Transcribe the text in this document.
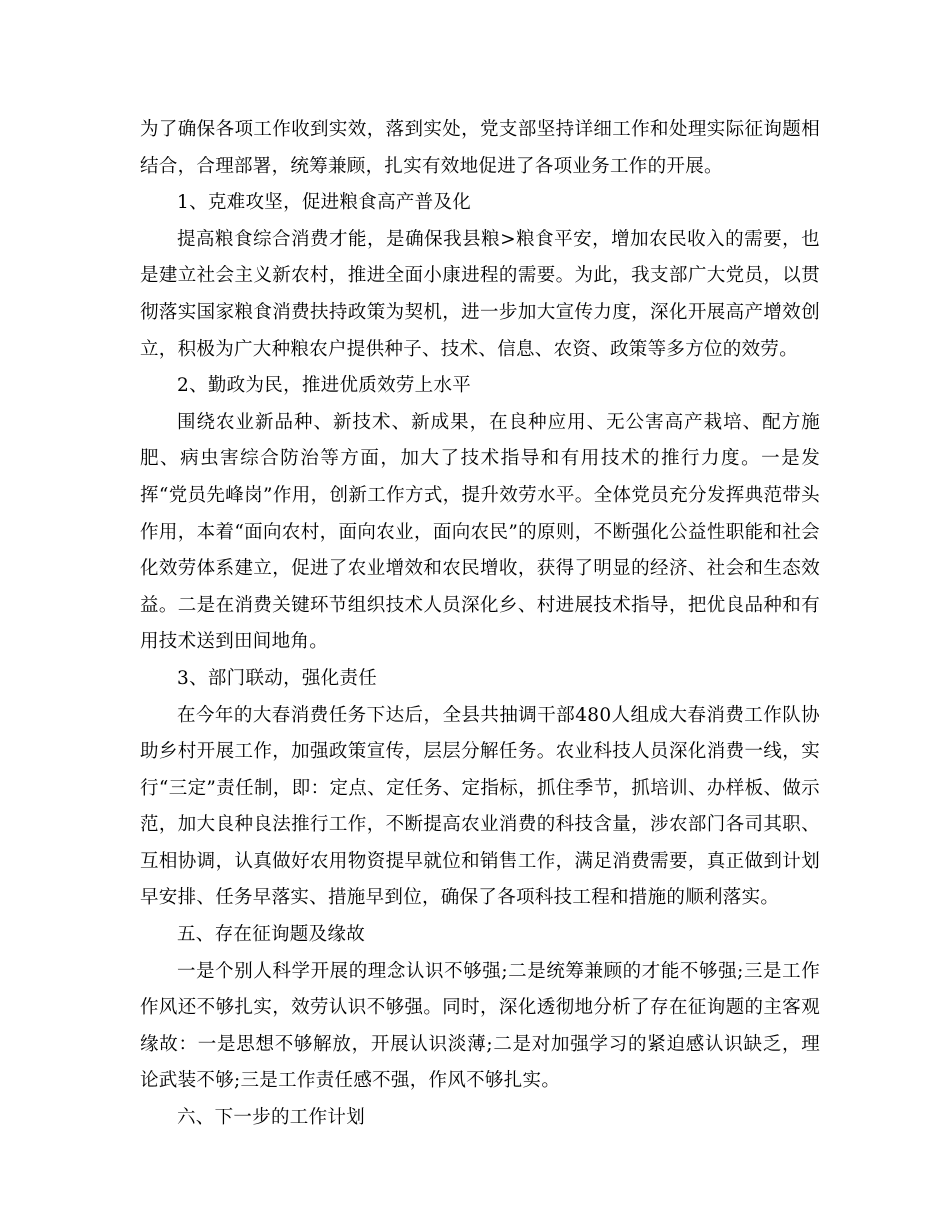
为了确保各项工作收到实效，落到实处，党支部坚持详细工作和处理实际征询题相结合，合理部署，统筹兼顾，扎实有效地促进了各项业务工作的开展。

1、克难攻坚，促进粮食高产普及化

提高粮食综合消费才能，是确保我县粮>粮食平安，增加农民收入的需要，也是建立社会主义新农村，推进全面小康进程的需要。为此，我支部广大党员，以贯彻落实国家粮食消费扶持政策为契机，进一步加大宣传力度，深化开展高产增效创立，积极为广大种粮农户提供种子、技术、信息、农资、政策等多方位的效劳。

2、勤政为民，推进优质效劳上水平

围绕农业新品种、新技术、新成果，在良种应用、无公害高产栽培、配方施肥、病虫害综合防治等方面，加大了技术指导和有用技术的推行力度。一是发挥“党员先峰岗”作用，创新工作方式，提升效劳水平。全体党员充分发挥典范带头作用，本着“面向农村，面向农业，面向农民”的原则，不断强化公益性职能和社会化效劳体系建立，促进了农业增效和农民增收，获得了明显的经济、社会和生态效益。二是在消费关键环节组织技术人员深化乡、村进展技术指导，把优良品种和有用技术送到田间地角。

3、部门联动，强化责任

在今年的大春消费任务下达后，全县共抽调干部480人组成大春消费工作队协助乡村开展工作，加强政策宣传，层层分解任务。农业科技人员深化消费一线，实行“三定”责任制，即：定点、定任务、定指标，抓住季节，抓培训、办样板、做示范，加大良种良法推行工作，不断提高农业消费的科技含量，涉农部门各司其职、互相协调，认真做好农用物资提早就位和销售工作，满足消费需要，真正做到计划早安排、任务早落实、措施早到位，确保了各项科技工程和措施的顺利落实。

五、存在征询题及缘故

一是个别人科学开展的理念认识不够强;二是统筹兼顾的才能不够强;三是工作作风还不够扎实，效劳认识不够强。同时，深化透彻地分析了存在征询题的主客观缘故：一是思想不够解放，开展认识淡薄;二是对加强学习的紧迫感认识缺乏，理论武装不够;三是工作责任感不强，作风不够扎实。

六、下一步的工作计划
